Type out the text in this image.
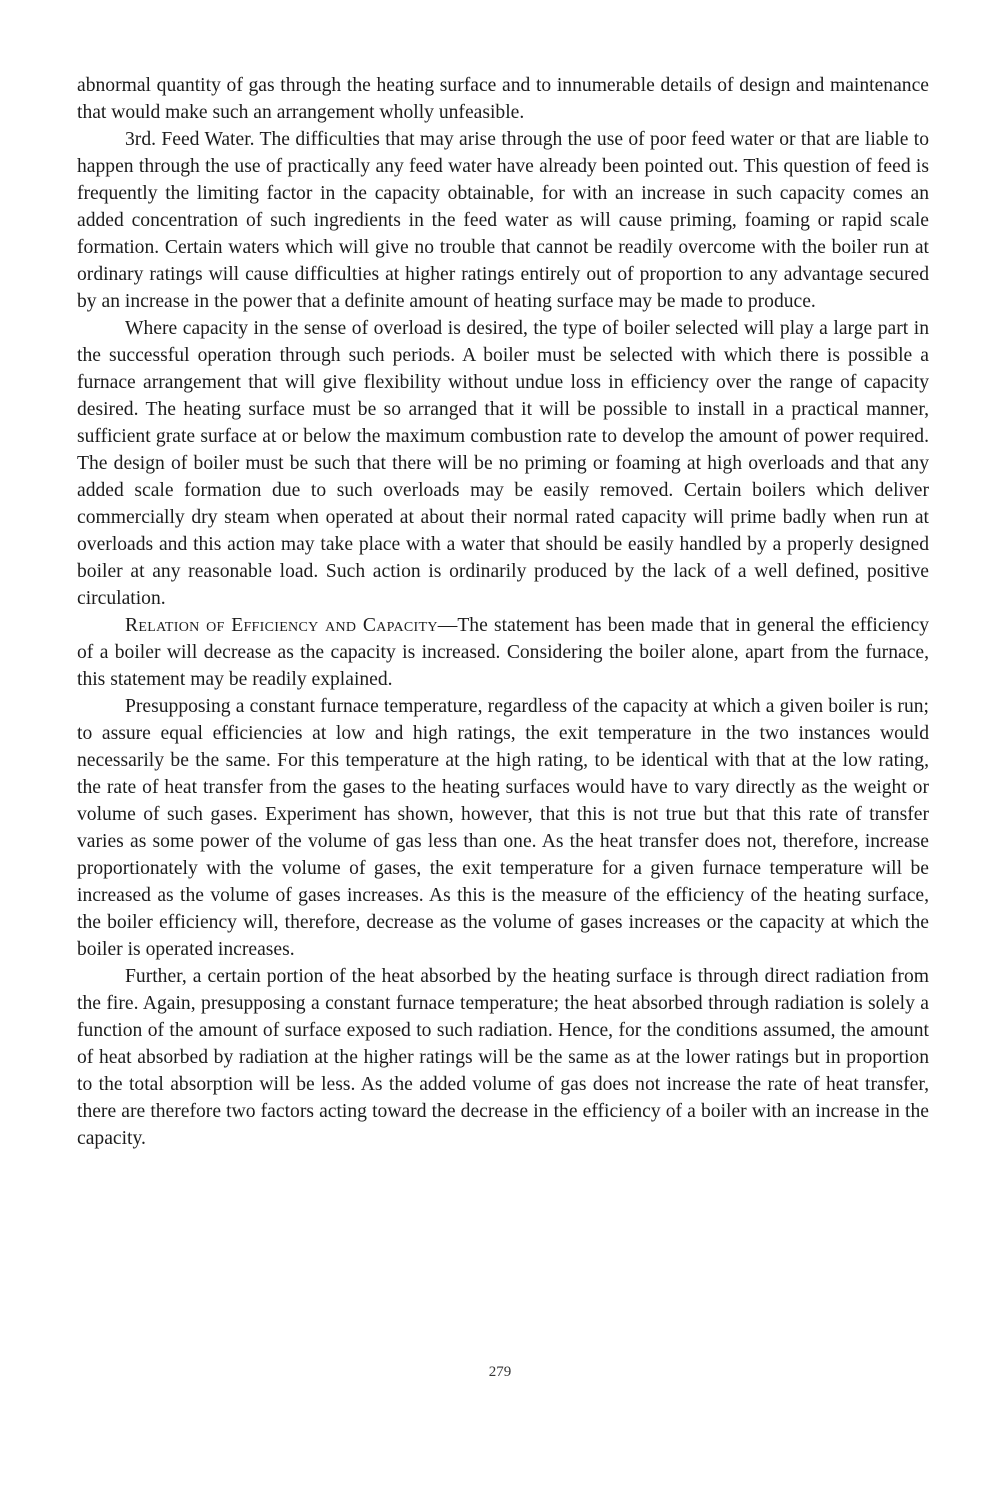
abnormal quantity of gas through the heating surface and to innumerable details of design and maintenance that would make such an arrangement wholly unfeasible.

3rd. Feed Water. The difficulties that may arise through the use of poor feed water or that are liable to happen through the use of practically any feed water have already been pointed out. This question of feed is frequently the limiting factor in the capacity obtainable, for with an increase in such capacity comes an added concentration of such ingredients in the feed water as will cause priming, foaming or rapid scale formation. Certain waters which will give no trouble that cannot be readily overcome with the boiler run at ordinary ratings will cause difficulties at higher ratings entirely out of proportion to any advantage secured by an increase in the power that a definite amount of heating surface may be made to produce.

Where capacity in the sense of overload is desired, the type of boiler selected will play a large part in the successful operation through such periods. A boiler must be selected with which there is possible a furnace arrangement that will give flexibility without undue loss in efficiency over the range of capacity desired. The heating surface must be so arranged that it will be possible to install in a practical manner, sufficient grate surface at or below the maximum combustion rate to develop the amount of power required. The design of boiler must be such that there will be no priming or foaming at high overloads and that any added scale formation due to such overloads may be easily removed. Certain boilers which deliver commercially dry steam when operated at about their normal rated capacity will prime badly when run at overloads and this action may take place with a water that should be easily handled by a properly designed boiler at any reasonable load. Such action is ordinarily produced by the lack of a well defined, positive circulation.

Relation of Efficiency and Capacity—The statement has been made that in general the efficiency of a boiler will decrease as the capacity is increased. Considering the boiler alone, apart from the furnace, this statement may be readily explained.

Presupposing a constant furnace temperature, regardless of the capacity at which a given boiler is run; to assure equal efficiencies at low and high ratings, the exit temperature in the two instances would necessarily be the same. For this temperature at the high rating, to be identical with that at the low rating, the rate of heat transfer from the gases to the heating surfaces would have to vary directly as the weight or volume of such gases. Experiment has shown, however, that this is not true but that this rate of transfer varies as some power of the volume of gas less than one. As the heat transfer does not, therefore, increase proportionately with the volume of gases, the exit temperature for a given furnace temperature will be increased as the volume of gases increases. As this is the measure of the efficiency of the heating surface, the boiler efficiency will, therefore, decrease as the volume of gases increases or the capacity at which the boiler is operated increases.

Further, a certain portion of the heat absorbed by the heating surface is through direct radiation from the fire. Again, presupposing a constant furnace temperature; the heat absorbed through radiation is solely a function of the amount of surface exposed to such radiation. Hence, for the conditions assumed, the amount of heat absorbed by radiation at the higher ratings will be the same as at the lower ratings but in proportion to the total absorption will be less. As the added volume of gas does not increase the rate of heat transfer, there are therefore two factors acting toward the decrease in the efficiency of a boiler with an increase in the capacity.

279
